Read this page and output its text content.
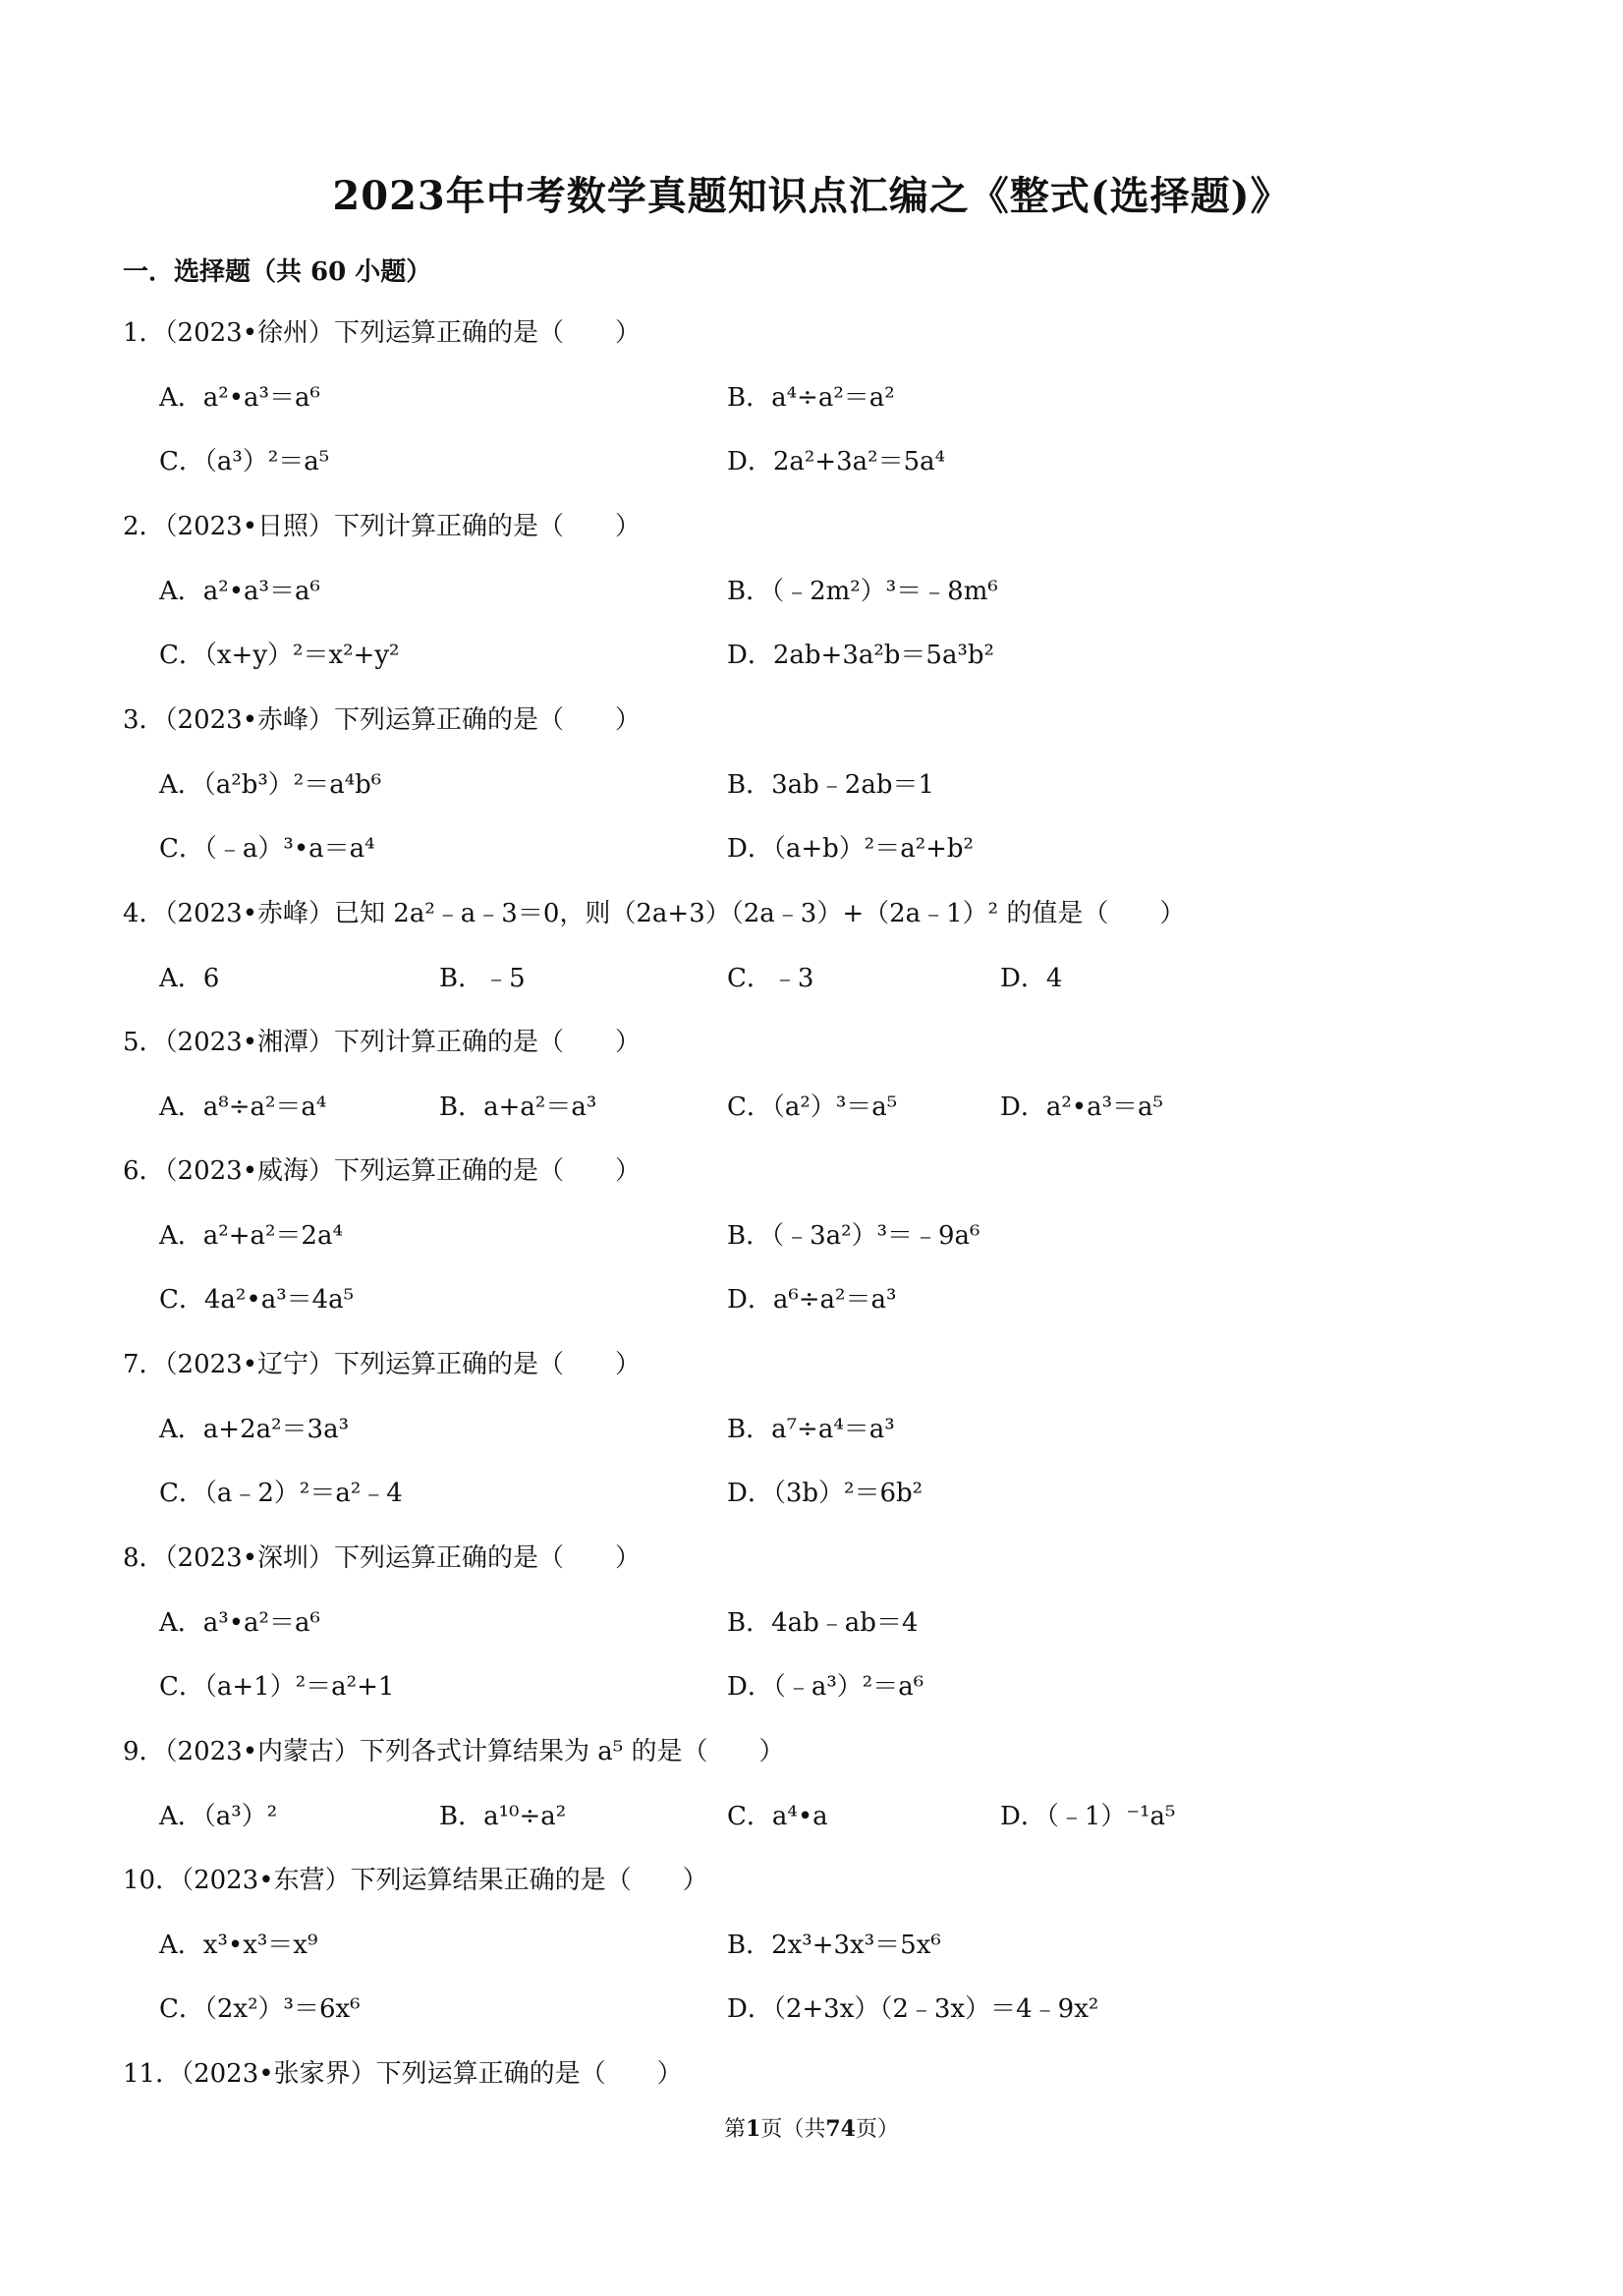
2023年中考数学真题知识点汇编之《整式(选择题)》
一．选择题（共 60 小题）
1．（2023•徐州）下列运算正确的是（　　）
A．a²•a³＝a⁶	B．a⁴÷a²＝a²
C．（a³）²＝a⁵	D．2a²+3a²＝5a⁴
2．（2023•日照）下列计算正确的是（　　）
A．a²•a³＝a⁶	B．（﹣2m²）³＝﹣8m⁶
C．（x+y）²＝x²+y²	D．2ab+3a²b＝5a³b²
3．（2023•赤峰）下列运算正确的是（　　）
A．（a²b³）²＝a⁴b⁶	B．3ab﹣2ab＝1
C．（﹣a）³•a＝a⁴	D．（a+b）²＝a²+b²
4．（2023•赤峰）已知 2a²﹣a﹣3＝0，则（2a+3）（2a﹣3）+（2a﹣1）² 的值是（　　）
A．6	B．﹣5	C．﹣3	D．4
5．（2023•湘潭）下列计算正确的是（　　）
A．a⁸÷a²＝a⁴	B．a+a²＝a³	C．（a²）³＝a⁵	D．a²•a³＝a⁵
6．（2023•威海）下列运算正确的是（　　）
A．a²+a²＝2a⁴	B．（﹣3a²）³＝﹣9a⁶
C．4a²•a³＝4a⁵	D．a⁶÷a²＝a³
7．（2023•辽宁）下列运算正确的是（　　）
A．a+2a²＝3a³	B．a⁷÷a⁴＝a³
C．（a﹣2）²＝a²﹣4	D．（3b）²＝6b²
8．（2023•深圳）下列运算正确的是（　　）
A．a³•a²＝a⁶	B．4ab﹣ab＝4
C．（a+1）²＝a²+1	D．（﹣a³）²＝a⁶
9．（2023•内蒙古）下列各式计算结果为 a⁵ 的是（　　）
A．（a³）²	B．a¹⁰÷a²	C．a⁴•a	D．（﹣1）⁻¹a⁵
10．（2023•东营）下列运算结果正确的是（　　）
A．x³•x³＝x⁹	B．2x³+3x³＝5x⁶
C．（2x²）³＝6x⁶	D．（2+3x）（2﹣3x）＝4﹣9x²
11．（2023•张家界）下列运算正确的是（　　）
第1页（共74页）
